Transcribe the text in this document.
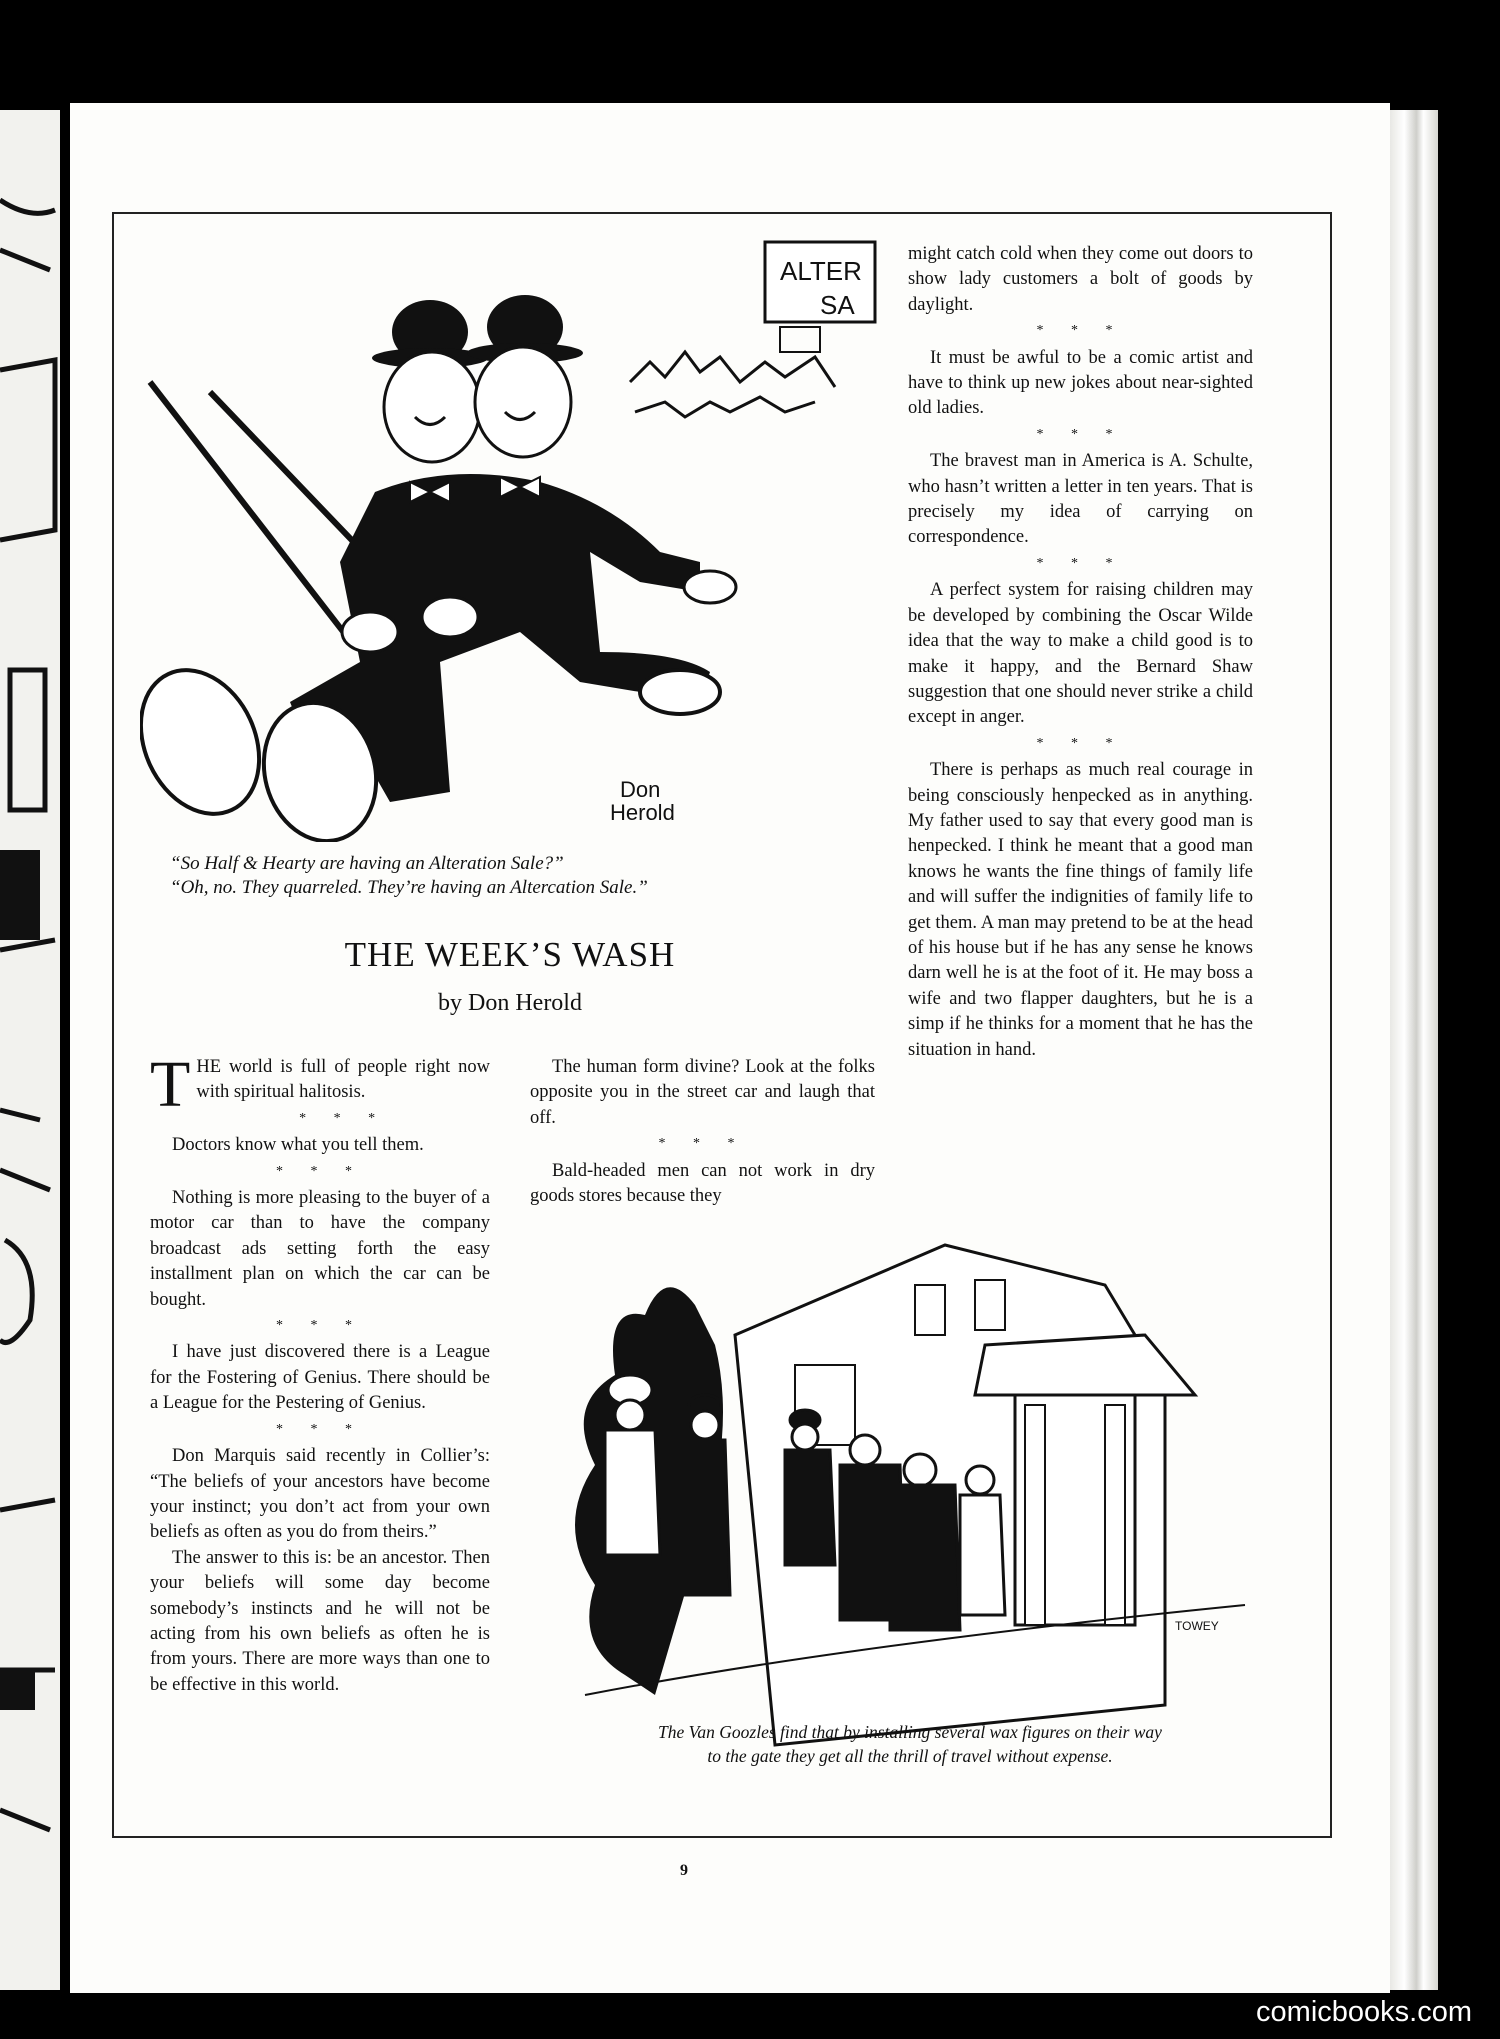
ALTER
SA
Don
Herold
“So Half & Hearty are having an Alteration Sale?”
“Oh, no. They quarreled. They’re having an Altercation Sale.”
THE WEEK’S WASH
by Don Herold

THE world is full of people right now with spiritual halitosis.

* * *

Doctors know what you tell them.

* * *

Nothing is more pleasing to the buyer of a motor car than to have the company broadcast ads setting forth the easy installment plan on which the car can be bought.

* * *

I have just discovered there is a League for the Fostering of Genius. There should be a League for the Pestering of Genius.

* * *

Don Marquis said recently in Collier’s: “The beliefs of your ancestors have become your instinct; you don’t act from your own beliefs as often as you do from theirs.”

The answer to this is: be an ancestor. Then your beliefs will some day become somebody’s instincts and he will not be acting from his own beliefs as often he is from yours. There are more ways than one to be effective in this world.

The human form divine? Look at the folks opposite you in the street car and laugh that off.

* * *

Bald-headed men can not work in dry goods stores because they

might catch cold when they come out doors to show lady customers a bolt of goods by daylight.

* * *

It must be awful to be a comic artist and have to think up new jokes about near-sighted old ladies.

* * *

The bravest man in America is A. Schulte, who hasn’t written a letter in ten years. That is precisely my idea of carrying on correspondence.

* * *

A perfect system for raising children may be developed by combining the Oscar Wilde idea that the way to make a child good is to make it happy, and the Bernard Shaw suggestion that one should never strike a child except in anger.

* * *

There is perhaps as much real courage in being consciously henpecked as in anything. My father used to say that every good man is henpecked. I think he meant that a good man knows he wants the fine things of family life and will suffer the indignities of family life to get them. A man may pretend to be at the head of his house but if he has any sense he knows darn well he is at the foot of it. He may boss a wife and two flapper daughters, but he is a simp if he thinks for a moment that he has the situation in hand.

TOWEY
The Van Goozles find that by installing several wax figures on their way
to the gate they get all the thrill of travel without expense.
9
comicbooks.com
